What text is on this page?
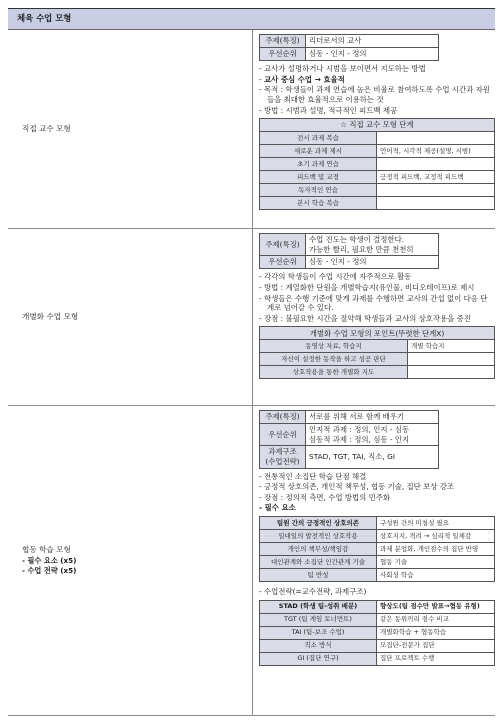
체육 수업 모형
직접 교수 모형
주제(특징)	리더로서의 교사
우선순위	심동 - 인지 - 정의
- 교사가 설명하거나 시범을 보이면서 지도하는 방법
- 교사 중심 수업 → 효율적
- 목적 : 학생들이 과제 연습에 높은 비율로 참여하도록 수업 시간과 자원들을 최대한 효율적으로 이용하는 것
- 방법 : 시범과 설명, 적극적인 피드백 제공
☆ 직접 교수 모형 단계	
전시 과제 복습	
새로운 과제 제시	언어적, 시각적 제공(설명, 시범)
초기 과제 연습	
피드백 및 교정	긍정적 피드백, 교정적 피드백
독자적인 연습	
본시 학습 복습	
개별화 수업 모형
주제(특징)	수업 진도는 학생이 결정한다.
가능한 빨리, 필요한 만큼 천천히

우선순위	심동 - 인지 - 정의
- 각각의 학생들이 수업 시간에 자주적으로 활동
- 방법 : 계열화한 단원을 개별학습지(유인물, 비디오테이프)로 제시
- 학생들은 수행 기준에 맞게 과제를 수행하면 교사의 간섭 없이 다음 단계로 넘어갈 수 있다.
- 장점 : 불필요한 시간을 절약해 학생들과 교사의 상호작용을 증진
개별화 수업 모형의 포인트(뚜렷한 단계X)	
동영상 자료, 학습지	개별 학습지
자신이 설정한 동작을 하고 성공 판단	
상호작용을 통한 개별화 지도	
협동 학습 모형
- 필수 요소 (x5)
- 수업 전략 (x5)
주제(특징)	서로를 위해 서로 함께 배우기
우선순위	인지적 과제 : 정의, 인지 - 심동
심동적 과제 : 정의, 심동 - 인지

과제구조
(수업전략)	STAD, TGT, TAI, 직소, GI
- 전통적인 소집단 학습 단점 해결
- 긍정적 상호의존, 개인적 책무성, 협동 기술, 집단 보상 강조
- 장점 : 정의적 측면, 수업 방법의 민주화
- 필수 요소
팀원 간의 긍정적인 상호의존	구성원 간의 미칭성 필요
일대일의 발전적인 상호작용	상호지지, 격려 → 심리적 일체감
개인의 책무성/책임감	과제 분업화, 개인점수의 집단 반영
대인관계와 소집단 인간관계 기술	협동 기술
팀 반성	사회성 학습
- 수업전략(=교수전략, 과제구조)
STAD (학생 팀-성취 배분)	향상도(팀 점수만 발표→협동 유형)
TGT (팀 게임 토너먼트)	같은 동위끼리 점수 비교
TAI (팀-보조 수업)	개별화학습 + 협동학습
직소 방식	모집단-전문가 집단
GI (집단 연구)	집단 프로젝트 수행
